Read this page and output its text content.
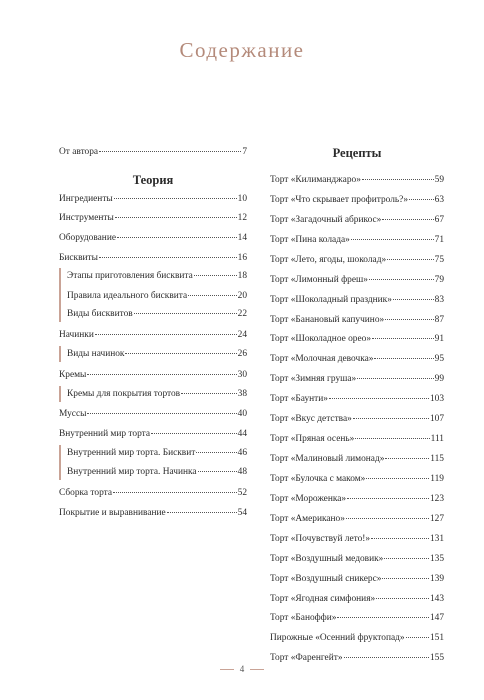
Содержание
От автора	7
Теория
Ингредиенты	10
Инструменты	12
Оборудование	14
Бисквиты	16
Этапы приготовления бисквита	18
Правила идеального бисквита	20
Виды бисквитов	22
Начинки	24
Виды начинок	26
Кремы	30
Кремы для покрытия тортов	38
Муссы	40
Внутренний мир торта	44
Внутренний мир торта. Бисквит	46
Внутренний мир торта. Начинка	48
Сборка торта	52
Покрытие и выравнивание	54
Рецепты
Торт «Килиманджаро»	59
Торт «Что скрывает профитроль?»	63
Торт «Загадочный абрикос»	67
Торт «Пина колада»	71
Торт «Лето, ягоды, шоколад»	75
Торт «Лимонный фреш»	79
Торт «Шоколадный праздник»	83
Торт «Банановый капучино»	87
Торт «Шоколадное орео»	91
Торт «Молочная девочка»	95
Торт «Зимняя груша»	99
Торт «Баунти»	103
Торт «Вкус детства»	107
Торт «Пряная осень»	111
Торт «Малиновый лимонад»	115
Торт «Булочка с маком»	119
Торт «Мороженка»	123
Торт «Американо»	127
Торт «Почувствуй лето!»	131
Торт «Воздушный медовик»	135
Торт «Воздушный сникерс»	139
Торт «Ягодная симфония»	143
Торт «Баноффи»	147
Пирожные «Осенний фруктопад»	151
Торт «Фаренгейт»	155
4
